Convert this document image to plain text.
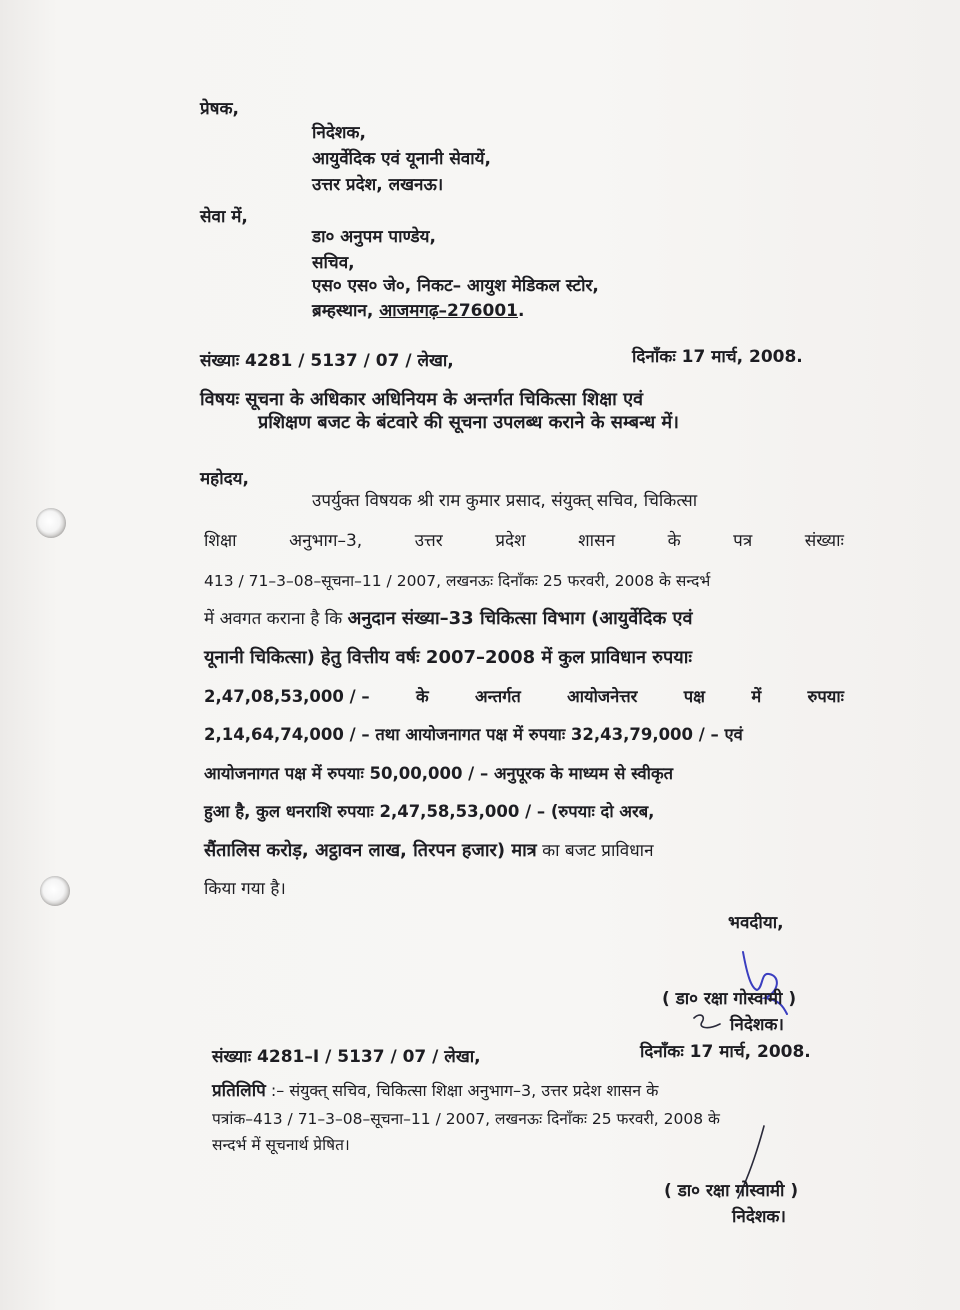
प्रेषक,
निदेशक,
आयुर्वेदिक एवं यूनानी सेवायें,
उत्तर प्रदेश, लखनऊ।
सेवा में,
डा० अनुपम पाण्डेय,
सचिव,
एस० एस० जे०, निकट– आयुश मेडिकल स्टोर,
ब्रम्हस्थान, आजमगढ़–276001.
संख्याः 4281 / 5137 / 07 / लेखा,	दिनाँकः 17 मार्च, 2008.
विषयः सूचना के अधिकार अधिनियम के अन्तर्गत चिकित्सा शिक्षा एवं
प्रशिक्षण बजट के बंटवारे की सूचना उपलब्ध कराने के सम्बन्ध में।
महोदय,
उपर्युक्त विषयक श्री राम कुमार प्रसाद, संयुक्त् सचिव, चिकित्सा
शिक्षा	अनुभाग–3,	उत्तर	प्रदेश	शासन	के	पत्र	संख्याः
413 / 71–3–08–सूचना–11 / 2007, लखनऊः दिनाँकः 25 फरवरी, 2008 के सन्दर्भ
में अवगत कराना है कि अनुदान संख्या–33 चिकित्सा विभाग (आयुर्वेदिक एवं
यूनानी चिकित्सा) हेतु वित्तीय वर्षः 2007–2008 में कुल प्राविधान रुपयाः
2,47,08,53,000 / –	के	अन्तर्गत	आयोजनेत्तर	पक्ष	में	रुपयाः
2,14,64,74,000 / – तथा आयोजनागत पक्ष में रुपयाः 32,43,79,000 / – एवं
आयोजनागत पक्ष में रुपयाः 50,00,000 / – अनुपूरक के माध्यम से स्वीकृत
हुआ है, कुल धनराशि रुपयाः 2,47,58,53,000 / – (रुपयाः दो अरब,
सैंतालिस करोड़, अट्ठावन लाख, तिरपन हजार) मात्र का बजट प्राविधान
किया गया है।
भवदीया,
( डा० रक्षा गोस्वामी )
निदेशक।
संख्याः 4281–I / 5137 / 07 / लेखा,	दिनाँकः 17 मार्च, 2008.
प्रतिलिपि :– संयुक्त् सचिव, चिकित्सा शिक्षा अनुभाग–3, उत्तर प्रदेश शासन के
पत्रांक–413 / 71–3–08–सूचना–11 / 2007, लखनऊः दिनाँकः 25 फरवरी, 2008 के
सन्दर्भ में सूचनार्थ प्रेषित।
( डा० रक्षा गोस्वामी )
निदेशक।
